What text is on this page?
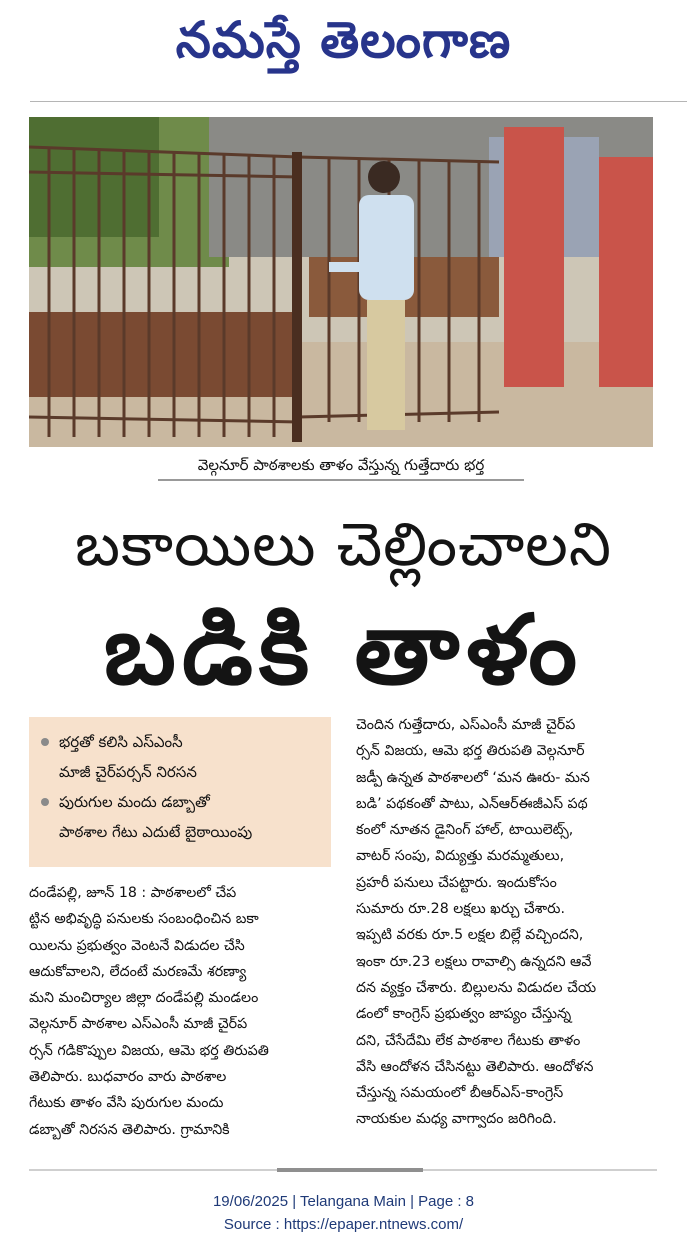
నమస్తే తెలంగాణ
వెల్గనూర్ పాఠశాలకు తాళం వేస్తున్న గుత్తేదారు భర్త
బకాయిలు చెల్లించాలని
బడికి తాళం
భర్తతో కలిసి ఎస్ఎంసీ
మాజీ చైర్‌పర్సన్ నిరసన
పురుగుల మందు డబ్బాతో
పాఠశాల గేటు ఎదుటే బైఠాయింపు
దండేపల్లి, జూన్ 18 : పాఠశాలలో చేప
ట్టిన అభివృద్ధి పనులకు సంబంధించిన బకా
యిలను ప్రభుత్వం వెంటనే విడుదల చేసి
ఆదుకోవాలని, లేదంటే మరణమే శరణ్యా
మని మంచిర్యాల జిల్లా దండేపల్లి మండలం
వెల్గనూర్ పాఠశాల ఎస్ఎంసీ మాజీ చైర్‌ప
ర్సన్ గడికొప్పుల విజయ, ఆమె భర్త తిరుపతి
తెలిపారు. బుధవారం వారు పాఠశాల
గేటుకు తాళం వేసి పురుగుల మందు
డబ్బాతో నిరసన తెలిపారు. గ్రామానికి
చెందిన గుత్తేదారు, ఎస్ఎంసీ మాజీ చైర్‌ప
ర్సన్ విజయ, ఆమె భర్త తిరుపతి వెల్గనూర్
జడ్పీ ఉన్నత పాఠశాలలో ‘మన ఊరు- మన
బడి’ పథకంతో పాటు, ఎన్ఆర్ఈజీఎస్ పథ
కంలో నూతన డైనింగ్ హాల్, టాయిలెట్స్,
వాటర్ సంపు, విద్యుత్తు మరమ్మతులు,
ప్రహరీ పనులు చేపట్టారు. ఇందుకోసం
సుమారు రూ.28 లక్షలు ఖర్చు చేశారు.
ఇప్పటి వరకు రూ.5 లక్షల బిల్లే వచ్చిందని,
ఇంకా రూ.23 లక్షలు రావాల్సి ఉన్నదని ఆవే
దన వ్యక్తం చేశారు. బిల్లులను విడుదల చేయ
డంలో కాంగ్రెస్ ప్రభుత్వం జాప్యం చేస్తున్న
దని, చేసేదేమి లేక పాఠశాల గేటుకు తాళం
వేసి ఆందోళన చేసినట్టు తెలిపారు. ఆందోళన
చేస్తున్న సమయంలో బీఆర్ఎస్-కాంగ్రెస్
నాయకుల మధ్య వాగ్వాదం జరిగింది.
19/06/2025 | Telangana Main | Page : 8
Source : https://epaper.ntnews.com/
